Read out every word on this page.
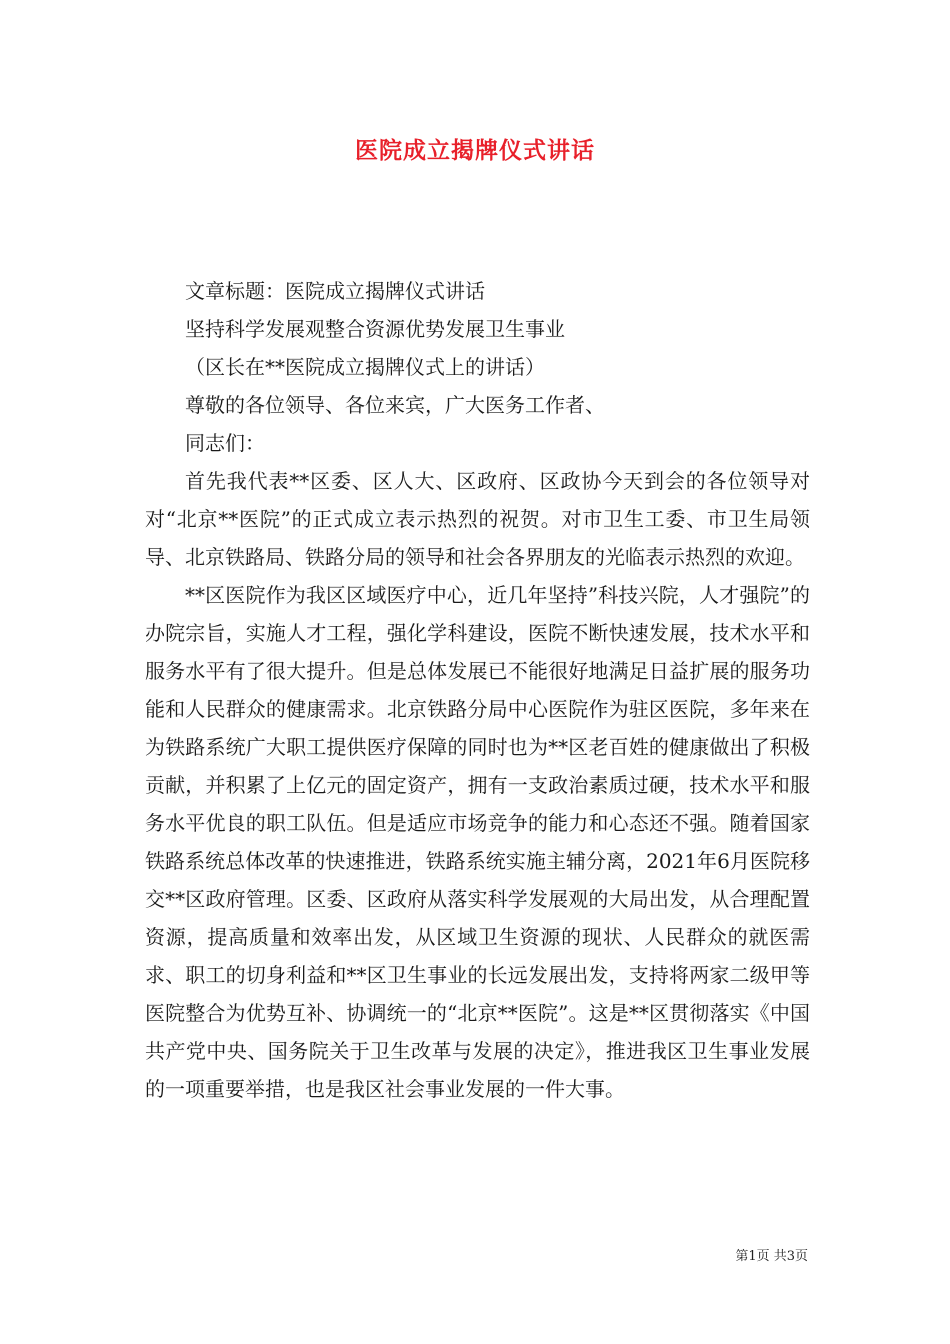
医院成立揭牌仪式讲话

文章标题：医院成立揭牌仪式讲话

坚持科学发展观整合资源优势发展卫生事业

（区长在**医院成立揭牌仪式上的讲话）

尊敬的各位领导、各位来宾，广大医务工作者、

同志们：

首先我代表**区委、区人大、区政府、区政协今天到会的各位领导对对“北京**医院”的正式成立表示热烈的祝贺。对市卫生工委、市卫生局领导、北京铁路局、铁路分局的领导和社会各界朋友的光临表示热烈的欢迎。

**区医院作为我区区域医疗中心，近几年坚持”科技兴院，人才强院”的办院宗旨，实施人才工程，强化学科建设，医院不断快速发展，技术水平和服务水平有了很大提升。但是总体发展已不能很好地满足日益扩展的服务功能和人民群众的健康需求。北京铁路分局中心医院作为驻区医院，多年来在为铁路系统广大职工提供医疗保障的同时也为**区老百姓的健康做出了积极贡献，并积累了上亿元的固定资产，拥有一支政治素质过硬，技术水平和服务水平优良的职工队伍。但是适应市场竞争的能力和心态还不强。随着国家铁路系统总体改革的快速推进，铁路系统实施主辅分离，2021年6月医院移交**区政府管理。区委、区政府从落实科学发展观的大局出发，从合理配置资源，提高质量和效率出发，从区域卫生资源的现状、人民群众的就医需求、职工的切身利益和**区卫生事业的长远发展出发，支持将两家二级甲等医院整合为优势互补、协调统一的“北京**医院”。这是**区贯彻落实《中国共产党中央、国务院关于卫生改革与发展的决定》，推进我区卫生事业发展的一项重要举措，也是我区社会事业发展的一件大事。

第1页 共3页
